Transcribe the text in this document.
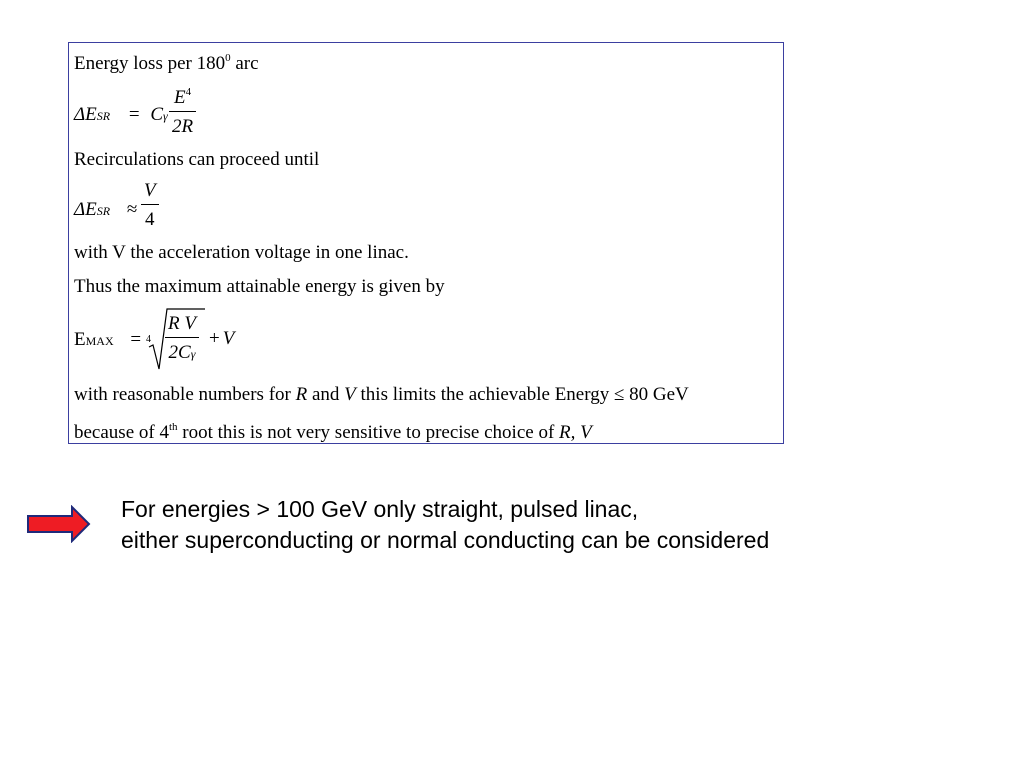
Energy loss per $180^0$ arc
ΔESR = Cγ
$E^4$
2R
Recirculations can proceed until
ΔESR ≈
V
4
with V the acceleration voltage in one linac.
Thus the maximum attainable energy is given by
EMAX = 4
R V
2Cγ
+ V
with reasonable numbers for R and V this limits the achievable Energy ≤ 80 GeV
because of 4th root this is not very sensitive to precise choice of R, V
For energies > 100 GeV only straight, pulsed linac,
either superconducting or normal conducting can be considered
